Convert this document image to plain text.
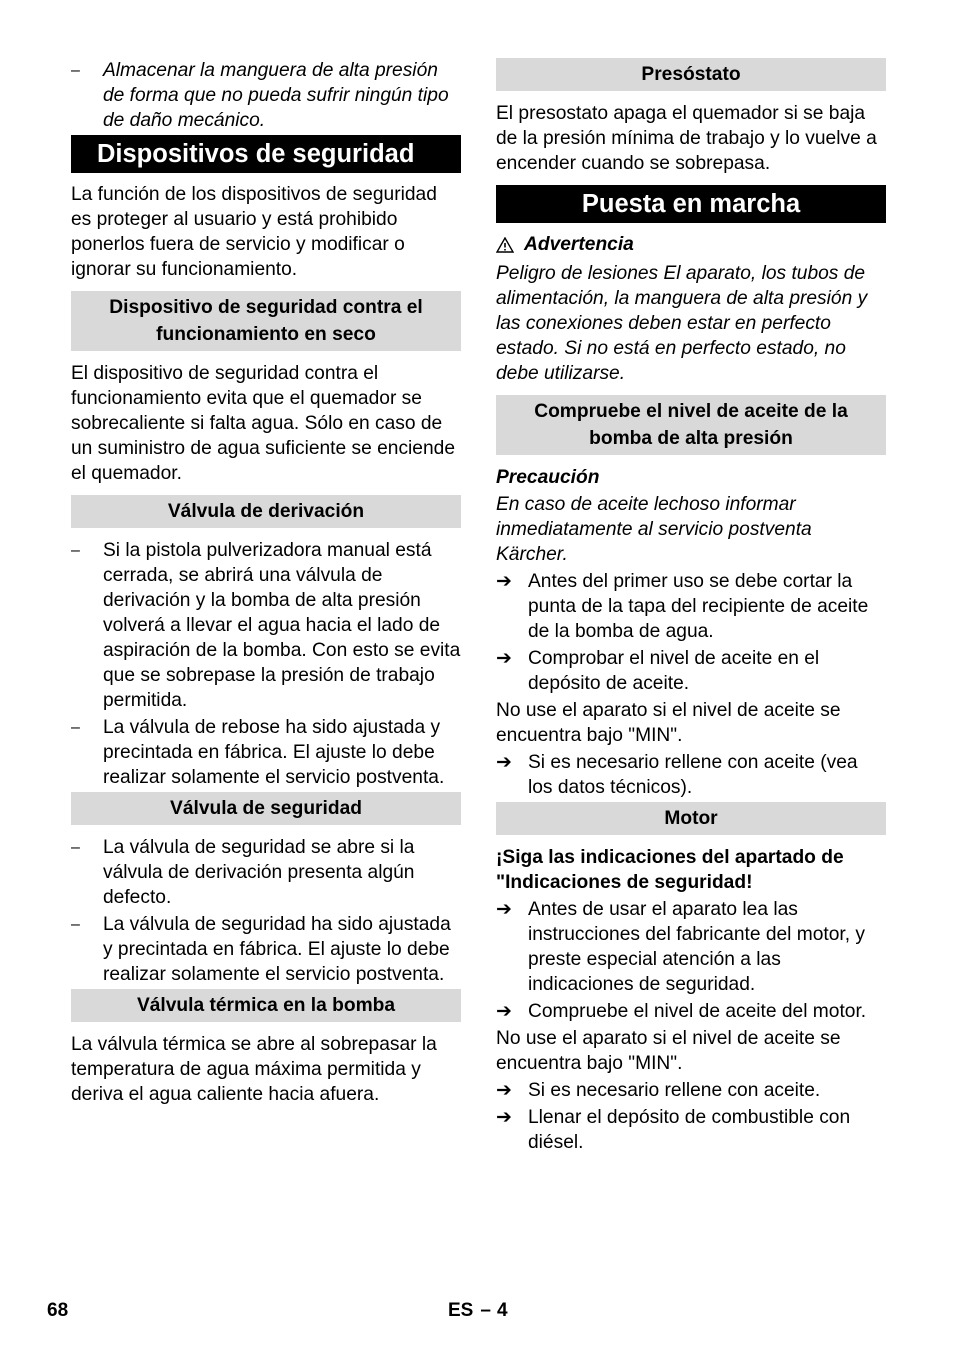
–	Almacenar la manguera de alta presión de forma que no pueda sufrir ningún tipo de daño mecánico.
Dispositivos de seguridad

La función de los dispositivos de seguridad es proteger al usuario y está prohibido ponerlos fuera de servicio y modificar o ignorar su funcionamiento.

Dispositivo de seguridad contra el funcionamiento en seco

El dispositivo de seguridad contra el funcionamiento evita que el quemador se sobrecaliente si falta agua. Sólo en caso de un suministro de agua suficiente se enciende el quemador.

Válvula de derivación
–	Si la pistola pulverizadora manual está cerrada, se abrirá una válvula de derivación y la bomba de alta presión volverá a llevar el agua hacia el lado de aspiración de la bomba. Con esto se evita que se sobrepase la presión de trabajo permitida.
–	La válvula de rebose ha sido ajustada y precintada en fábrica. El ajuste lo debe realizar solamente el servicio postventa.
Válvula de seguridad
–	La válvula de seguridad se abre si la válvula de derivación presenta algún defecto.
–	La válvula de seguridad ha sido ajustada y precintada en fábrica. El ajuste lo debe realizar solamente el servicio postventa.
Válvula térmica en la bomba

La válvula térmica se abre al sobrepasar la temperatura de agua máxima permitida y deriva el agua caliente hacia afuera.

Presóstato

El presostato apaga el quemador si se baja de la presión mínima de trabajo y lo vuelve a encender cuando se sobrepasa.

Puesta en marcha
Advertencia

Peligro de lesiones El aparato, los tubos de alimentación, la manguera de alta presión y las conexiones deben estar en perfecto estado. Si no está en perfecto estado, no debe utilizarse.

Compruebe el nivel de aceite de la bomba de alta presión
Precaución

En caso de aceite lechoso informar inmediatamente al servicio postventa Kärcher.

➔ Antes del primer uso se debe cortar la punta de la tapa del recipiente de aceite de la bomba de agua.
➔ Comprobar el nivel de aceite en el depósito de aceite.

No use el aparato si el nivel de aceite se encuentra bajo "MIN".

➔ Si es necesario rellene con aceite (vea los datos técnicos).
Motor

¡Siga las indicaciones del apartado de "Indicaciones de seguridad!

➔ Antes de usar el aparato lea las instrucciones del fabricante del motor, y preste especial atención a las indicaciones de seguridad.
➔ Compruebe el nivel de aceite del motor.

No use el aparato si el nivel de aceite se encuentra bajo "MIN".

➔ Si es necesario rellene con aceite.
➔ Llenar el depósito de combustible con diésel.
68	ES – 4
